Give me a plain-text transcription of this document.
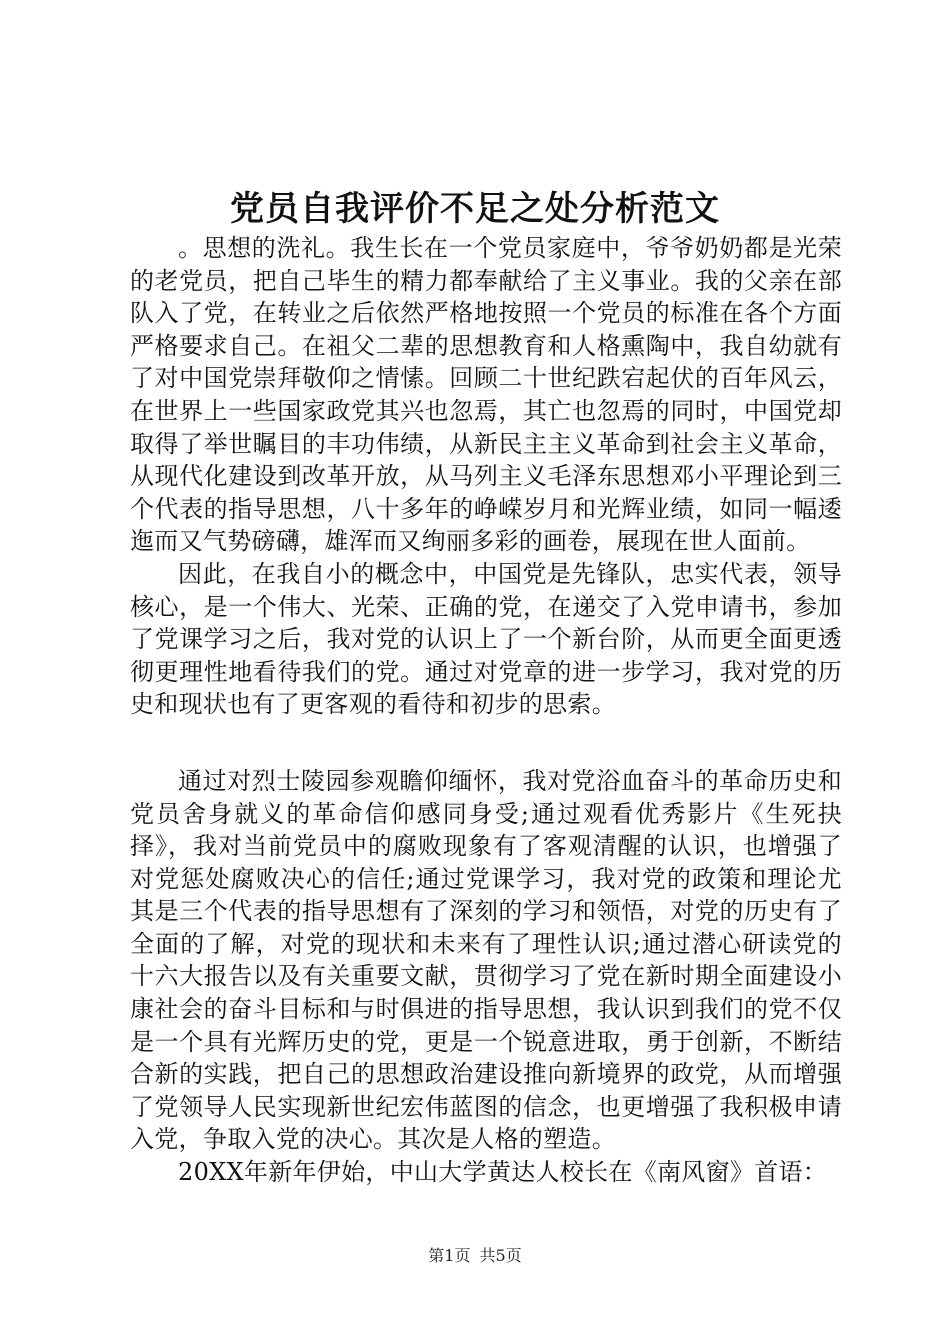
党员自我评价不足之处分析范文

。思想的洗礼。我生长在一个党员家庭中，爷爷奶奶都是光荣的老党员，把自己毕生的精力都奉献给了主义事业。我的父亲在部队入了党，在转业之后依然严格地按照一个党员的标准在各个方面严格要求自己。在祖父二辈的思想教育和人格熏陶中，我自幼就有了对中国党崇拜敬仰之情愫。回顾二十世纪跌宕起伏的百年风云，在世界上一些国家政党其兴也忽焉，其亡也忽焉的同时，中国党却取得了举世瞩目的丰功伟绩，从新民主主义革命到社会主义革命，从现代化建设到改革开放，从马列主义毛泽东思想邓小平理论到三个代表的指导思想，八十多年的峥嵘岁月和光辉业绩，如同一幅逶迤而又气势磅礴，雄浑而又绚丽多彩的画卷，展现在世人面前。

因此，在我自小的概念中，中国党是先锋队，忠实代表，领导核心，是一个伟大、光荣、正确的党，在递交了入党申请书，参加了党课学习之后，我对党的认识上了一个新台阶，从而更全面更透彻更理性地看待我们的党。通过对党章的进一步学习，我对党的历史和现状也有了更客观的看待和初步的思索。

通过对烈士陵园参观瞻仰缅怀，我对党浴血奋斗的革命历史和党员舍身就义的革命信仰感同身受;通过观看优秀影片《生死抉择》，我对当前党员中的腐败现象有了客观清醒的认识，也增强了对党惩处腐败决心的信任;通过党课学习，我对党的政策和理论尤其是三个代表的指导思想有了深刻的学习和领悟，对党的历史有了全面的了解，对党的现状和未来有了理性认识;通过潜心研读党的十六大报告以及有关重要文献，贯彻学习了党在新时期全面建设小康社会的奋斗目标和与时俱进的指导思想，我认识到我们的党不仅是一个具有光辉历史的党，更是一个锐意进取，勇于创新，不断结合新的实践，把自己的思想政治建设推向新境界的政党，从而增强了党领导人民实现新世纪宏伟蓝图的信念，也更增强了我积极申请入党，争取入党的决心。其次是人格的塑造。

20XX年新年伊始，中山大学黄达人校长在《南风窗》首语：

第1页 共5页
